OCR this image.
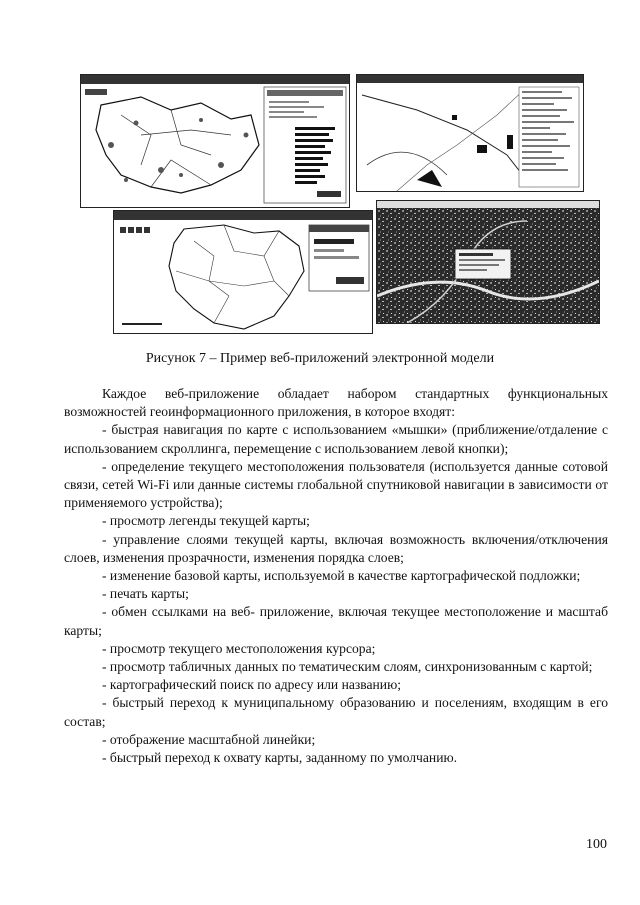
Рисунок 7 – Пример веб-приложений электронной модели

Каждое веб-приложение обладает набором стандартных функциональных возможностей геоинформационного приложения, в которое входят:

- быстрая навигация по карте с использованием «мышки» (приближение/отдаление с использованием скроллинга, перемещение с использованием левой кнопки);

- определение текущего местоположения пользователя (используется данные сотовой связи, сетей Wi-Fi или данные системы глобальной спутниковой навигации в зависимости от применяемого устройства);

- просмотр легенды текущей карты;

- управление слоями текущей карты, включая возможность включения/отключения слоев, изменения прозрачности, изменения порядка слоев;

- изменение базовой карты, используемой в качестве картографической подложки;

- печать карты;

- обмен ссылками на веб- приложение, включая текущее местоположение и масштаб карты;

- просмотр текущего местоположения курсора;

- просмотр табличных данных по тематическим слоям, синхронизованным с картой;

- картографический поиск по адресу или названию;

- быстрый переход к муниципальному образованию и поселениям, входящим в его состав;

- отображение масштабной линейки;

- быстрый переход к охвату карты, заданному по умолчанию.

100
